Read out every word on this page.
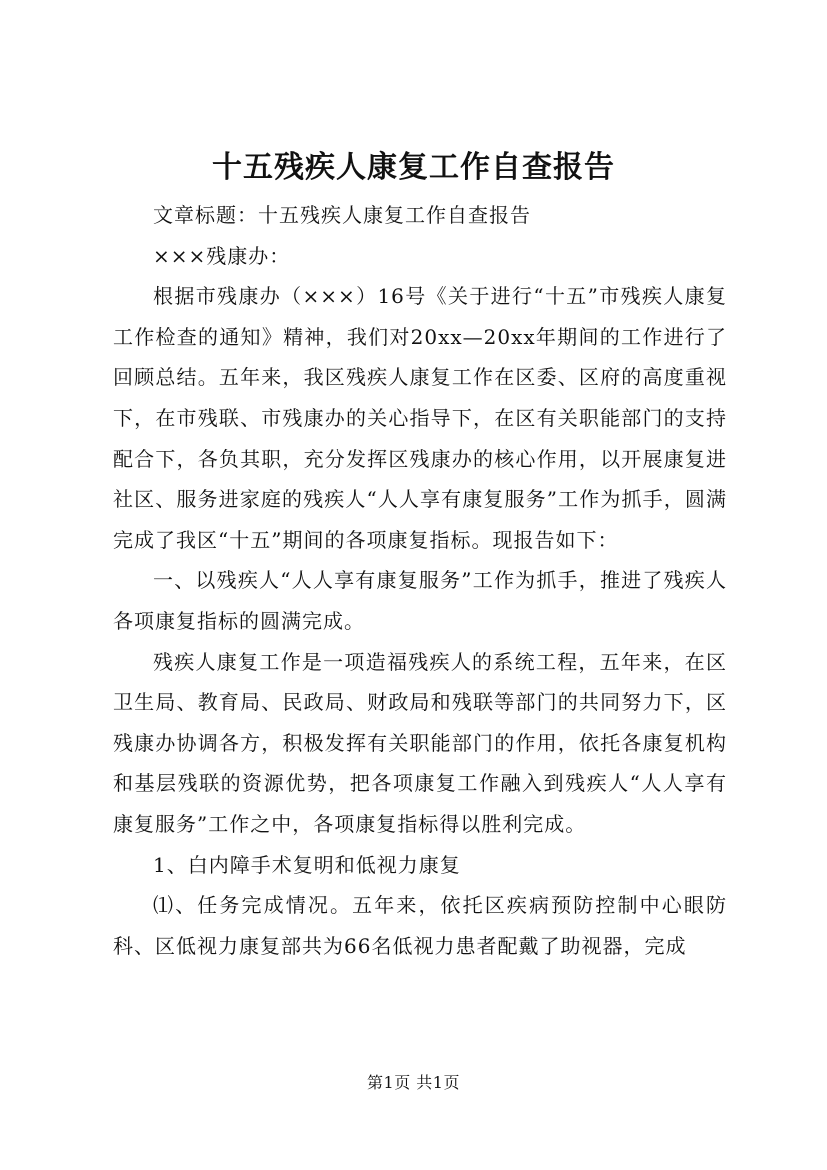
十五残疾人康复工作自查报告

文章标题：十五残疾人康复工作自查报告

×××残康办：

根据市残康办（×××）16号《关于进行“十五”市残疾人康复工作检查的通知》精神，我们对20xx—20xx年期间的工作进行了回顾总结。五年来，我区残疾人康复工作在区委、区府的高度重视下，在市残联、市残康办的关心指导下，在区有关职能部门的支持配合下，各负其职，充分发挥区残康办的核心作用，以开展康复进社区、服务进家庭的残疾人“人人享有康复服务”工作为抓手，圆满完成了我区“十五”期间的各项康复指标。现报告如下：

一、以残疾人“人人享有康复服务”工作为抓手，推进了残疾人各项康复指标的圆满完成。

残疾人康复工作是一项造福残疾人的系统工程，五年来，在区卫生局、教育局、民政局、财政局和残联等部门的共同努力下，区残康办协调各方，积极发挥有关职能部门的作用，依托各康复机构和基层残联的资源优势，把各项康复工作融入到残疾人“人人享有康复服务”工作之中，各项康复指标得以胜利完成。

1、白内障手术复明和低视力康复

⑴、任务完成情况。五年来，依托区疾病预防控制中心眼防科、区低视力康复部共为66名低视力患者配戴了助视器，完成

第1页 共1页
